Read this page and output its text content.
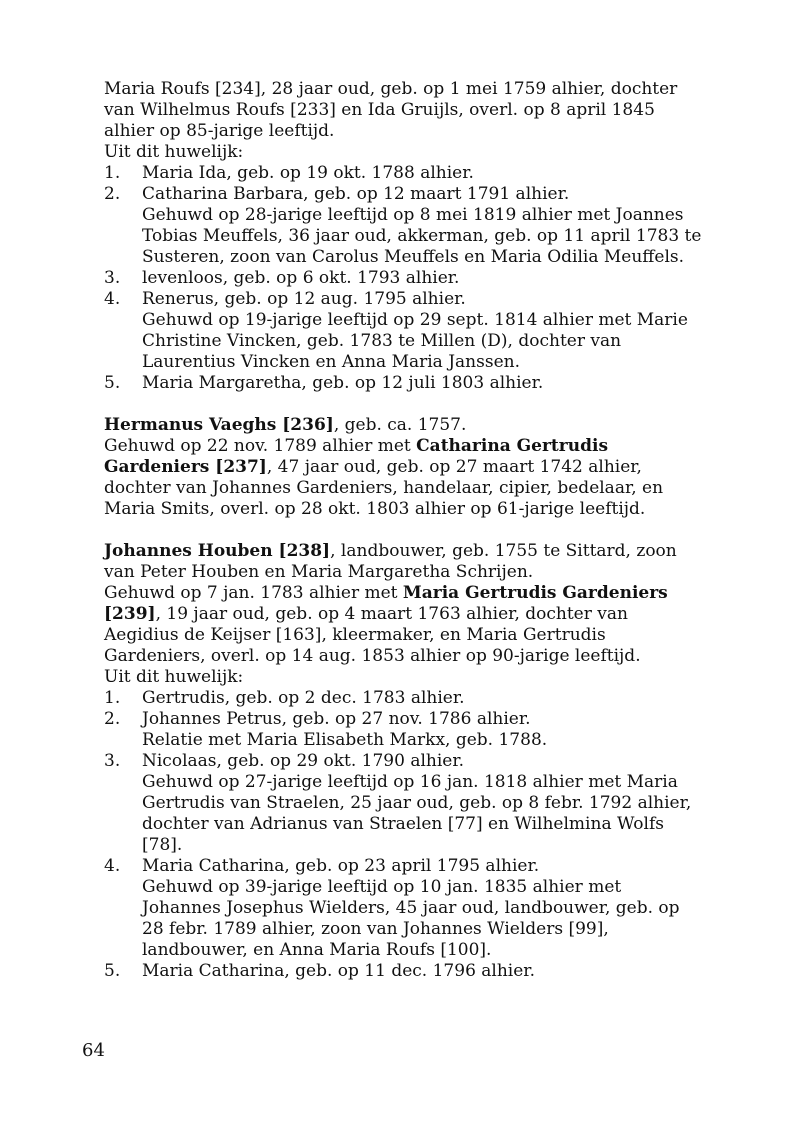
Maria Roufs [234], 28 jaar oud, geb. op 1 mei 1759 alhier, dochter van Wilhelmus Roufs [233] en Ida Gruijls, overl. op 8 april 1845 alhier op 85-jarige leeftijd.

Uit dit huwelijk:

1. Maria Ida, geb. op 19 okt. 1788 alhier.

2. Catharina Barbara, geb. op 12 maart 1791 alhier.

Gehuwd op 28-jarige leeftijd op 8 mei 1819 alhier met Joannes Tobias Meuffels, 36 jaar oud, akkerman, geb. op 11 april 1783 te Susteren, zoon van Carolus Meuffels en Maria Odilia Meuffels.

3. levenloos, geb. op 6 okt. 1793 alhier.

4. Renerus, geb. op 12 aug. 1795 alhier.

Gehuwd op 19-jarige leeftijd op 29 sept. 1814 alhier met Marie Christine Vincken, geb. 1783 te Millen (D), dochter van Laurentius Vincken en Anna Maria Janssen.

5. Maria Margaretha, geb. op 12 juli 1803 alhier.

Hermanus Vaeghs [236], geb. ca. 1757.

Gehuwd op 22 nov. 1789 alhier met Catharina Gertrudis Gardeniers [237], 47 jaar oud, geb. op 27 maart 1742 alhier, dochter van Johannes Gardeniers, handelaar, cipier, bedelaar, en Maria Smits, overl. op 28 okt. 1803 alhier op 61-jarige leeftijd.

Johannes Houben [238], landbouwer, geb. 1755 te Sittard, zoon van Peter Houben en Maria Margaretha Schrijen.

Gehuwd op 7 jan. 1783 alhier met Maria Gertrudis Gardeniers [239], 19 jaar oud, geb. op 4 maart 1763 alhier, dochter van Aegidius de Keijser [163], kleermaker, en Maria Gertrudis Gardeniers, overl. op 14 aug. 1853 alhier op 90-jarige leeftijd.

Uit dit huwelijk:

1. Gertrudis, geb. op 2 dec. 1783 alhier.

2. Johannes Petrus, geb. op 27 nov. 1786 alhier.

Relatie met Maria Elisabeth Markx, geb. 1788.

3. Nicolaas, geb. op 29 okt. 1790 alhier.

Gehuwd op 27-jarige leeftijd op 16 jan. 1818 alhier met Maria Gertrudis van Straelen, 25 jaar oud, geb. op 8 febr. 1792 alhier, dochter van Adrianus van Straelen [77] en Wilhelmina Wolfs [78].

4. Maria Catharina, geb. op 23 april 1795 alhier.

Gehuwd op 39-jarige leeftijd op 10 jan. 1835 alhier met Johannes Josephus Wielders, 45 jaar oud, landbouwer, geb. op 28 febr. 1789 alhier, zoon van Johannes Wielders [99], landbouwer, en Anna Maria Roufs [100].

5. Maria Catharina, geb. op 11 dec. 1796 alhier.

64
